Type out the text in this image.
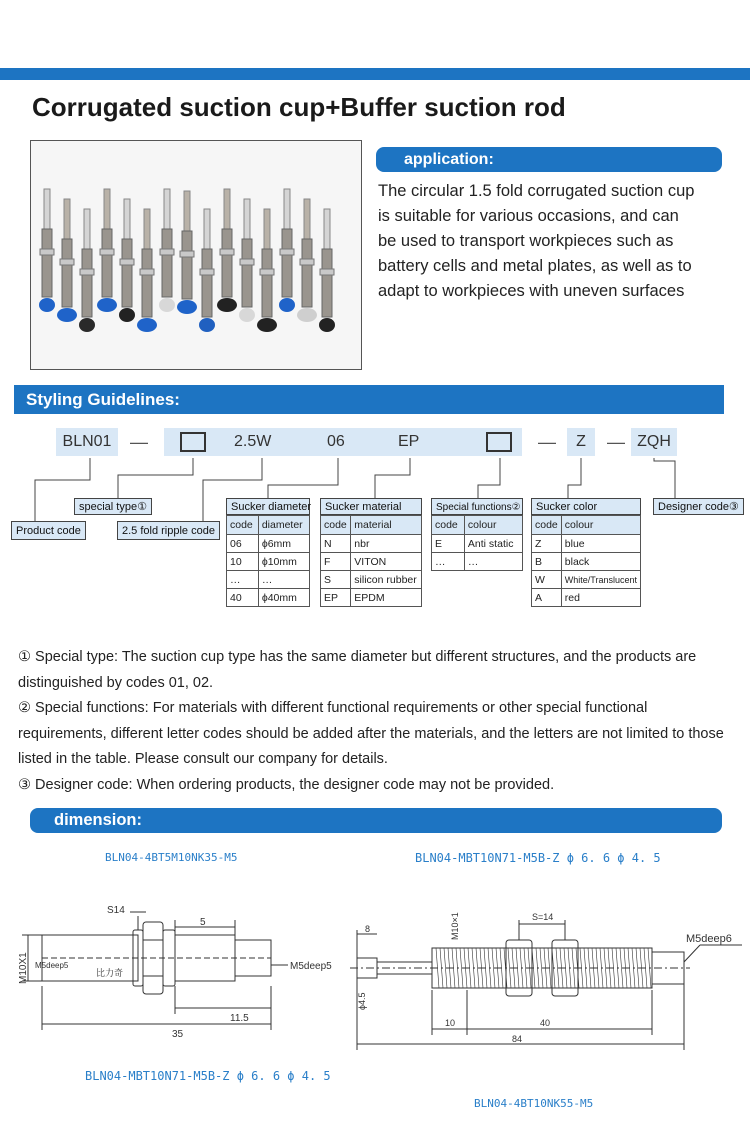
Corrugated suction cup+Buffer suction rod
application:
The circular 1.5 fold corrugated suction cup
is suitable for various occasions, and can
be used to transport workpieces such as
battery cells and metal plates, as well as to
adapt to workpieces with uneven surfaces
Styling Guidelines:
BLN01	—	2.5W	06	EP	—	Z	— ZQH
Product code
special type①
2.5 fold ripple code
Sucker diameter	Sucker material	Special functions②	Sucker color	Designer code③
code	diameter
06	ϕ6mm
10	ϕ10mm
…	…
40	ϕ40mm
code	material
N	nbr
F	VITON
S	silicon rubber
EP	EPDM
code	colour
E	Anti static
…	…
code	colour
Z	blue
B	black
W	White/Translucent
A	red
① Special type: The suction cup type has the same diameter but different structures, and the products are distinguished by codes 01, 02.
② Special functions: For materials with different functional requirements or other special functional requirements, different letter codes should be added after the materials, and the letters are not limited to those listed in the table. Please consult our company for details.
③ Designer code: When ordering products, the designer code may not be provided.
dimension:
BLN04-4BT5M10NK35-M5	BLN04-MBT10N71-M5B-Z ϕ 6. 6 ϕ 4. 5
BLN04-MBT10N71-M5B-Z ϕ 6. 6 ϕ 4. 5
BLN04-4BT10NK55-M5
S14
5
11.5
35
M5deep5
M5deep5
比力奇
M10X1
S=14
8
10	40
84
M5deep6
M10×1
ϕ4.5
